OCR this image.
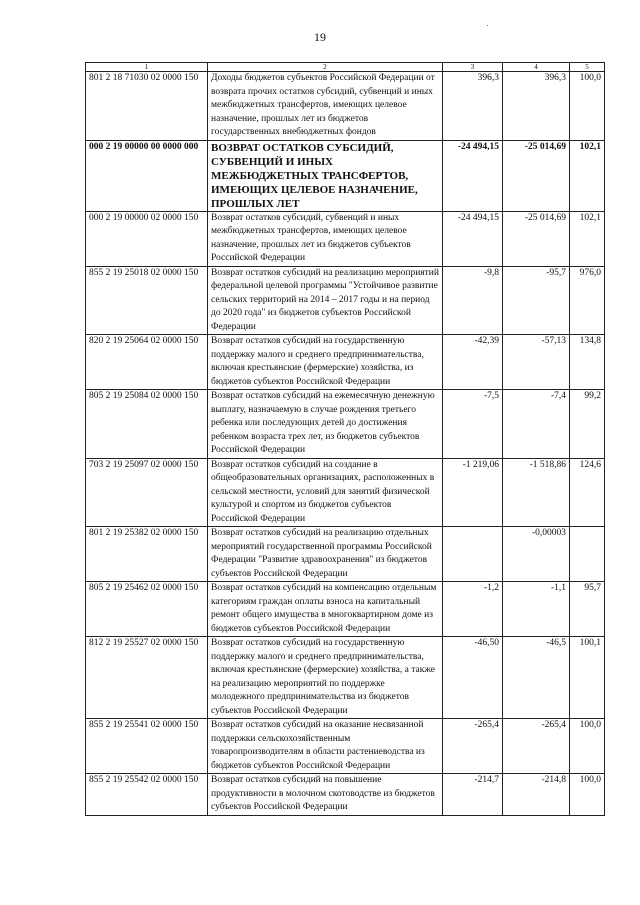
19
1	2	3	4	5
801 2 18 71030 02 0000 150	Доходы бюджетов субъектов Российской Федерации от возврата прочих остатков субсидий, субвенций и иных межбюджетных трансфертов, имеющих целевое назначение, прошлых лет из бюджетов государственных внебюджетных фондов	396,3	396,3	100,0
000 2 19 00000 00 0000 000	ВОЗВРАТ ОСТАТКОВ СУБСИДИЙ, СУБВЕНЦИЙ И ИНЫХ МЕЖБЮДЖЕТНЫХ ТРАНСФЕРТОВ, ИМЕЮЩИХ ЦЕЛЕВОЕ НАЗНАЧЕНИЕ, ПРОШЛЫХ ЛЕТ	-24 494,15	-25 014,69	102,1
000 2 19 00000 02 0000 150	Возврат остатков субсидий, субвенций и иных межбюджетных трансфертов, имеющих целевое назначение, прошлых лет из бюджетов субъектов Российской Федерации	-24 494,15	-25 014,69	102,1
855 2 19 25018 02 0000 150	Возврат остатков субсидий на реализацию мероприятий федеральной целевой программы "Устойчивое развитие сельских территорий на 2014 – 2017 годы и на период до 2020 года" из бюджетов субъектов Российской Федерации	-9,8	-95,7	976,0
820 2 19 25064 02 0000 150	Возврат остатков субсидий на государственную поддержку малого и среднего предпринимательства, включая крестьянские (фермерские) хозяйства, из бюджетов субъектов Российской Федерации	-42,39	-57,13	134,8
805 2 19 25084 02 0000 150	Возврат остатков субсидий на ежемесячную денежную выплату, назначаемую в случае рождения третьего ребенка или последующих детей до достижения ребенком возраста трех лет, из бюджетов субъектов Российской Федерации	-7,5	-7,4	99,2
703 2 19 25097 02 0000 150	Возврат остатков субсидий на создание в общеобразовательных организациях, расположенных в сельской местности, условий для занятий физической культурой и спортом из бюджетов субъектов Российской Федерации	-1 219,06	-1 518,86	124,6
801 2 19 25382 02 0000 150	Возврат остатков субсидий на реализацию отдельных мероприятий государственной программы Российской Федерации "Развитие здравоохранения" из бюджетов субъектов Российской Федерации		-0,00003	
805 2 19 25462 02 0000 150	Возврат остатков субсидий на компенсацию отдельным категориям граждан оплаты взноса на капитальный ремонт общего имущества в многоквартирном доме из бюджетов субъектов Российской Федерации	-1,2	-1,1	95,7
812 2 19 25527 02 0000 150	Возврат остатков субсидий на государственную поддержку малого и среднего предпринимательства, включая крестьянские (фермерские) хозяйства, а также на реализацию мероприятий по поддержке молодежного предпринимательства из бюджетов субъектов Российской Федерации	-46,50	-46,5	100,1
855 2 19 25541 02 0000 150	Возврат остатков субсидий на оказание несвязанной поддержки сельскохозяйственным товаропроизводителям в области растениеводства из бюджетов субъектов Российской Федерации	-265,4	-265,4	100,0
855 2 19 25542 02 0000 150	Возврат остатков субсидий на повышение продуктивности в молочном скотоводстве из бюджетов субъектов Российской Федерации	-214,7	-214,8	100,0
